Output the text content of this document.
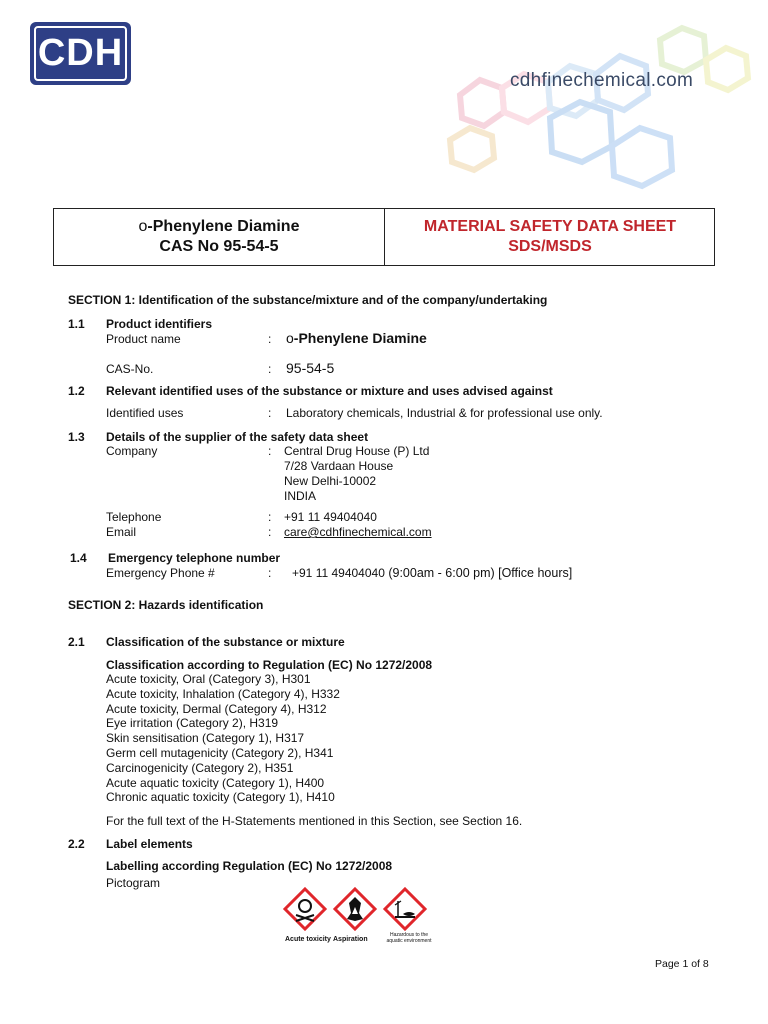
CDH
cdhfinechemical.com
o-Phenylene Diamine
CAS No 95-54-5
MATERIAL SAFETY DATA SHEET
SDS/MSDS
SECTION 1: Identification of the substance/mixture and of the company/undertaking
1.1 Product identifiers
Product name	: o-Phenylene Diamine
CAS-No.	: 95-54-5
1.2 Relevant identified uses of the substance or mixture and uses advised against
Identified uses	: Laboratory chemicals, Industrial & for professional use only.
1.3 Details of the supplier of the safety data sheet
Company	: Central Drug House (P) Ltd
7/28 Vardaan House
New Delhi-10002
INDIA
Telephone	: +91 11 49404040
Email	: care@cdhfinechemical.com
1.4 Emergency telephone number
Emergency Phone #	: +91 11 49404040 (9:00am - 6:00 pm) [Office hours]
SECTION 2: Hazards identification
2.1 Classification of the substance or mixture
Classification according to Regulation (EC) No 1272/2008
Acute toxicity, Oral (Category 3), H301
Acute toxicity, Inhalation (Category 4), H332
Acute toxicity, Dermal (Category 4), H312
Eye irritation (Category 2), H319
Skin sensitisation (Category 1), H317
Germ cell mutagenicity (Category 2), H341
Carcinogenicity (Category 2), H351
Acute aquatic toxicity (Category 1), H400
Chronic aquatic toxicity (Category 1), H410
For the full text of the H-Statements mentioned in this Section, see Section 16.
2.2 Label elements
Labelling according Regulation (EC) No 1272/2008
Pictogram
Acute toxicity Aspiration
Hazardous to the aquatic environment
Page 1 of 8
